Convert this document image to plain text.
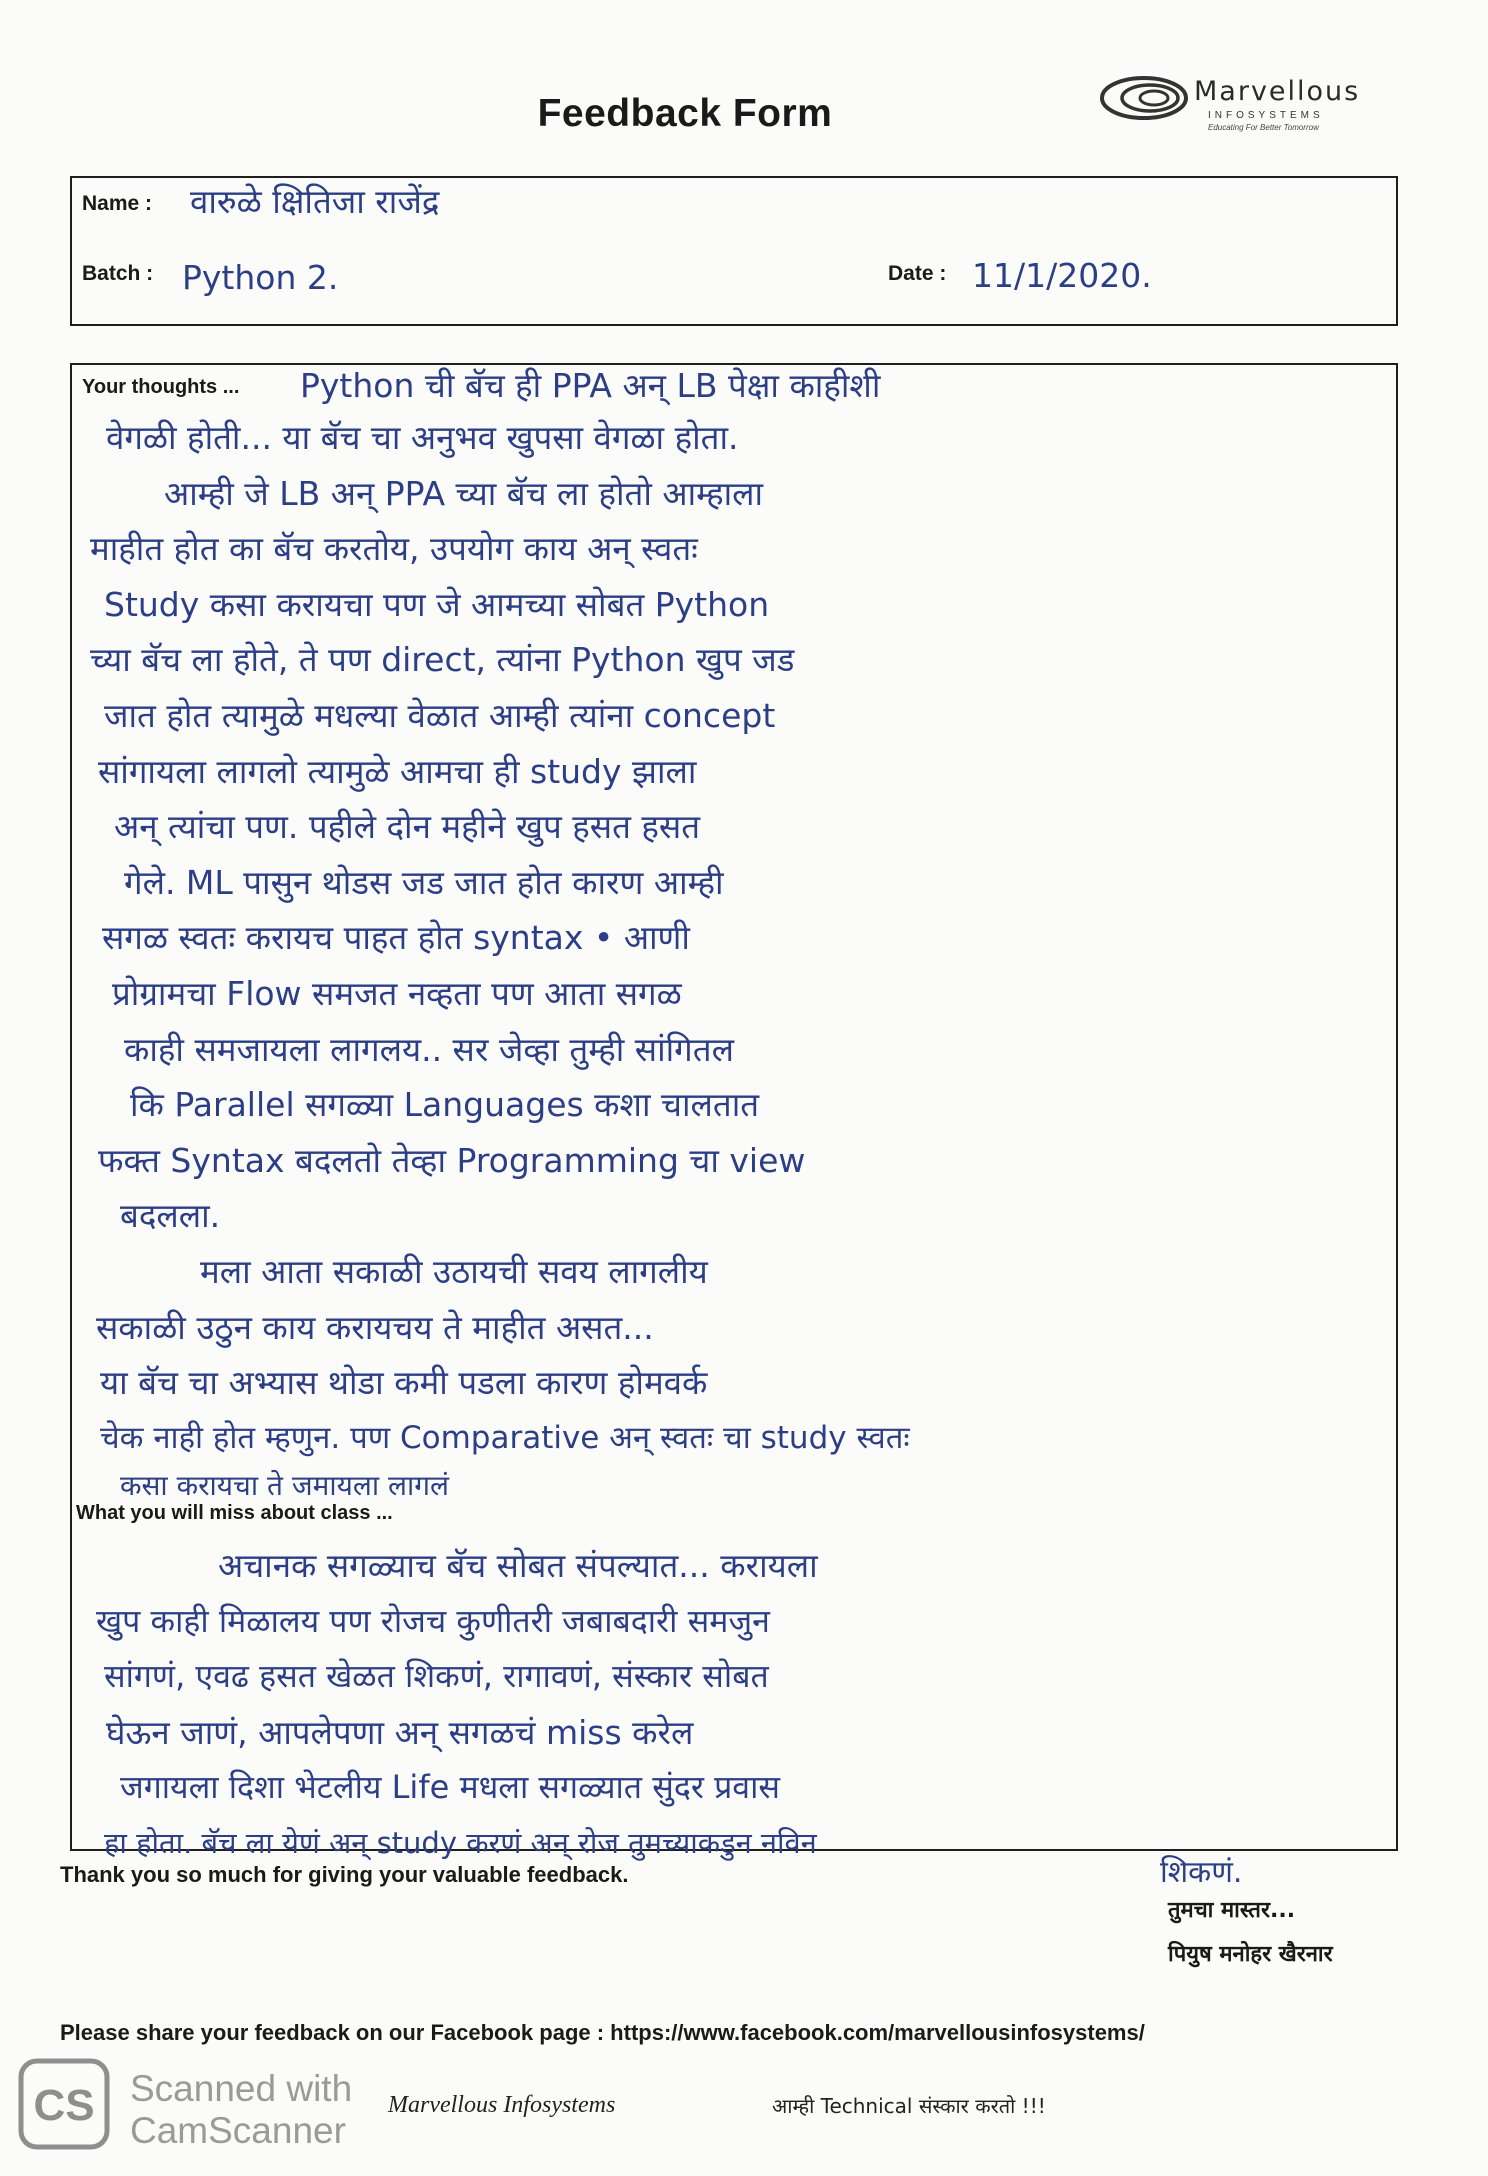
Feedback Form
Marvellous
INFOSYSTEMS
Educating For Better Tomorrow
Name : वारुळे क्षितिजा राजेंद्र
Batch : Python 2.	Date : 11/1/2020.
Your thoughts ... Python ची बॅच ही PPA अन् LB पेक्षा काहीशी
वेगळी होती... या बॅच चा अनुभव खुपसा वेगळा होता.
आम्ही जे LB अन् PPA च्या बॅच ला होतो आम्हाला
माहीत होत का बॅच करतोय, उपयोग काय अन् स्वतः
Study कसा करायचा पण जे आमच्या सोबत Python
च्या बॅच ला होते, ते पण direct, त्यांना Python खुप जड
जात होत त्यामुळे मधल्या वेळात आम्ही त्यांना concept
सांगायला लागलो त्यामुळे आमचा ही study झाला
अन् त्यांचा पण. पहीले दोन महीने खुप हसत हसत
गेले. ML पासुन थोडस जड जात होत कारण आम्ही
सगळ स्वतः करायच पाहत होत syntax • आणी
प्रोग्रामचा Flow समजत नव्हता पण आता सगळ
काही समजायला लागलय.. सर जेव्हा तुम्ही सांगितल
कि Parallel सगळ्या Languages कशा चालतात
फक्त Syntax बदलतो तेव्हा Programming चा view
बदलला.
मला आता सकाळी उठायची सवय लागलीय
सकाळी उठुन काय करायचय ते माहीत असत...
या बॅच चा अभ्यास थोडा कमी पडला कारण होमवर्क
चेक नाही होत म्हणुन. पण Comparative अन् स्वतः चा study स्वतः
कसा करायचा ते जमायला लागलं
What you will miss about class ...
अचानक सगळ्याच बॅच सोबत संपल्यात... करायला
खुप काही मिळालय पण रोजच कुणीतरी जबाबदारी समजुन
सांगणं, एवढ हसत खेळत शिकणं, रागावणं, संस्कार सोबत
घेऊन जाणं, आपलेपणा अन् सगळचं miss करेल
जगायला दिशा भेटलीय Life मधला सगळ्यात सुंदर प्रवास
हा होता. बॅच ला येणं अन् study करणं अन् रोज तुमच्याकडुन नविन
Thank you so much for giving your valuable feedback.	शिकणं.
तुमचा मास्तर...
पियुष मनोहर खैरनार
Please share your feedback on our Facebook page : https://www.facebook.com/marvellousinfosystems/
CS Scanned with
CamScanner
Marvellous Infosystems	आम्ही Technical संस्कार करतो !!!
